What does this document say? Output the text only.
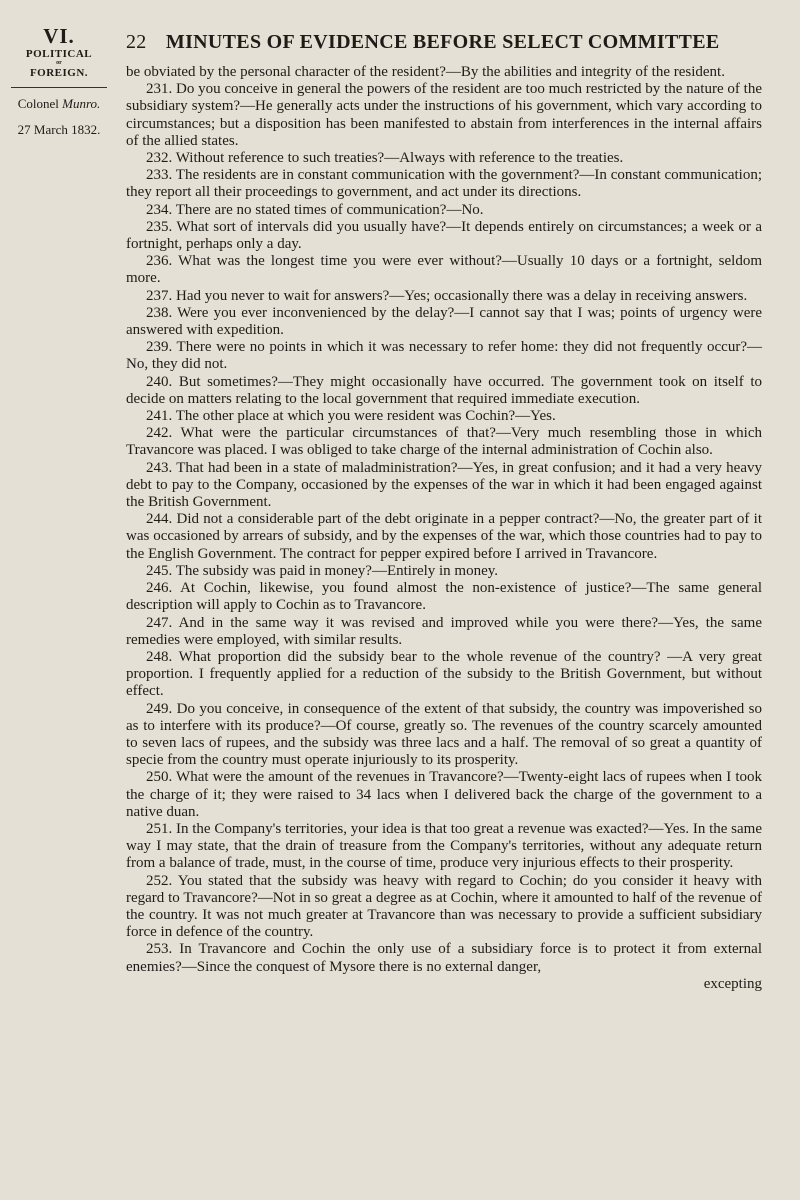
VI.
POLITICAL
or
FOREIGN.
Colonel Munro.
27 March 1832.
22 MINUTES OF EVIDENCE BEFORE SELECT COMMITTEE

be obviated by the personal character of the resident?—By the abilities and integrity of the resident.

231. Do you conceive in general the powers of the resident are too much restricted by the nature of the subsidiary system?—He generally acts under the instructions of his government, which vary according to circumstances; but a disposition has been manifested to abstain from interferences in the internal affairs of the allied states.

232. Without reference to such treaties?—Always with reference to the treaties.

233. The residents are in constant communication with the government?—In constant communication; they report all their proceedings to government, and act under its directions.

234. There are no stated times of communication?—No.

235. What sort of intervals did you usually have?—It depends entirely on circumstances; a week or a fortnight, perhaps only a day.

236. What was the longest time you were ever without?—Usually 10 days or a fortnight, seldom more.

237. Had you never to wait for answers?—Yes; occasionally there was a delay in receiving answers.

238. Were you ever inconvenienced by the delay?—I cannot say that I was; points of urgency were answered with expedition.

239. There were no points in which it was necessary to refer home: they did not frequently occur?—No, they did not.

240. But sometimes?—They might occasionally have occurred. The government took on itself to decide on matters relating to the local government that required immediate execution.

241. The other place at which you were resident was Cochin?—Yes.

242. What were the particular circumstances of that?—Very much resembling those in which Travancore was placed. I was obliged to take charge of the internal administration of Cochin also.

243. That had been in a state of maladministration?—Yes, in great confusion; and it had a very heavy debt to pay to the Company, occasioned by the expenses of the war in which it had been engaged against the British Government.

244. Did not a considerable part of the debt originate in a pepper contract?—No, the greater part of it was occasioned by arrears of subsidy, and by the expenses of the war, which those countries had to pay to the English Government. The contract for pepper expired before I arrived in Travancore.

245. The subsidy was paid in money?—Entirely in money.

246. At Cochin, likewise, you found almost the non-existence of justice?—The same general description will apply to Cochin as to Travancore.

247. And in the same way it was revised and improved while you were there?—Yes, the same remedies were employed, with similar results.

248. What proportion did the subsidy bear to the whole revenue of the country? —A very great proportion. I frequently applied for a reduction of the subsidy to the British Government, but without effect.

249. Do you conceive, in consequence of the extent of that subsidy, the country was impoverished so as to interfere with its produce?—Of course, greatly so. The revenues of the country scarcely amounted to seven lacs of rupees, and the subsidy was three lacs and a half. The removal of so great a quantity of specie from the country must operate injuriously to its prosperity.

250. What were the amount of the revenues in Travancore?—Twenty-eight lacs of rupees when I took the charge of it; they were raised to 34 lacs when I delivered back the charge of the government to a native duan.

251. In the Company's territories, your idea is that too great a revenue was exacted?—Yes. In the same way I may state, that the drain of treasure from the Company's territories, without any adequate return from a balance of trade, must, in the course of time, produce very injurious effects to their prosperity.

252. You stated that the subsidy was heavy with regard to Cochin; do you consider it heavy with regard to Travancore?—Not in so great a degree as at Cochin, where it amounted to half of the revenue of the country. It was not much greater at Travancore than was necessary to provide a sufficient subsidiary force in defence of the country.

253. In Travancore and Cochin the only use of a subsidiary force is to protect it from external enemies?—Since the conquest of Mysore there is no external danger,

excepting
